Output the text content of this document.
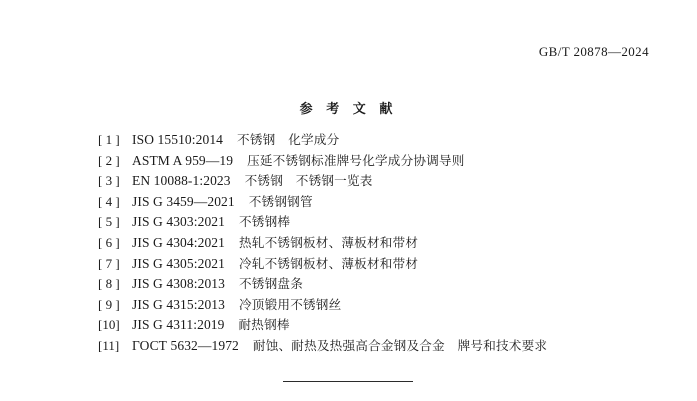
GB/T 20878—2024
参 考 文 献
[ 1 ] ISO 15510:2014 不锈钢　化学成分
[ 2 ] ASTM A 959—19 压延不锈钢标准牌号化学成分协调导则
[ 3 ] EN 10088-1:2023 不锈钢　不锈钢一览表
[ 4 ] JIS G 3459—2021 不锈钢钢管
[ 5 ] JIS G 4303:2021 不锈钢棒
[ 6 ] JIS G 4304:2021 热轧不锈钢板材、薄板材和带材
[ 7 ] JIS G 4305:2021 冷轧不锈钢板材、薄板材和带材
[ 8 ] JIS G 4308:2013 不锈钢盘条
[ 9 ] JIS G 4315:2013 冷顶锻用不锈钢丝
[10] JIS G 4311:2019 耐热钢棒
[11] ГОСТ 5632—1972 耐蚀、耐热及热强高合金钢及合金　牌号和技术要求
